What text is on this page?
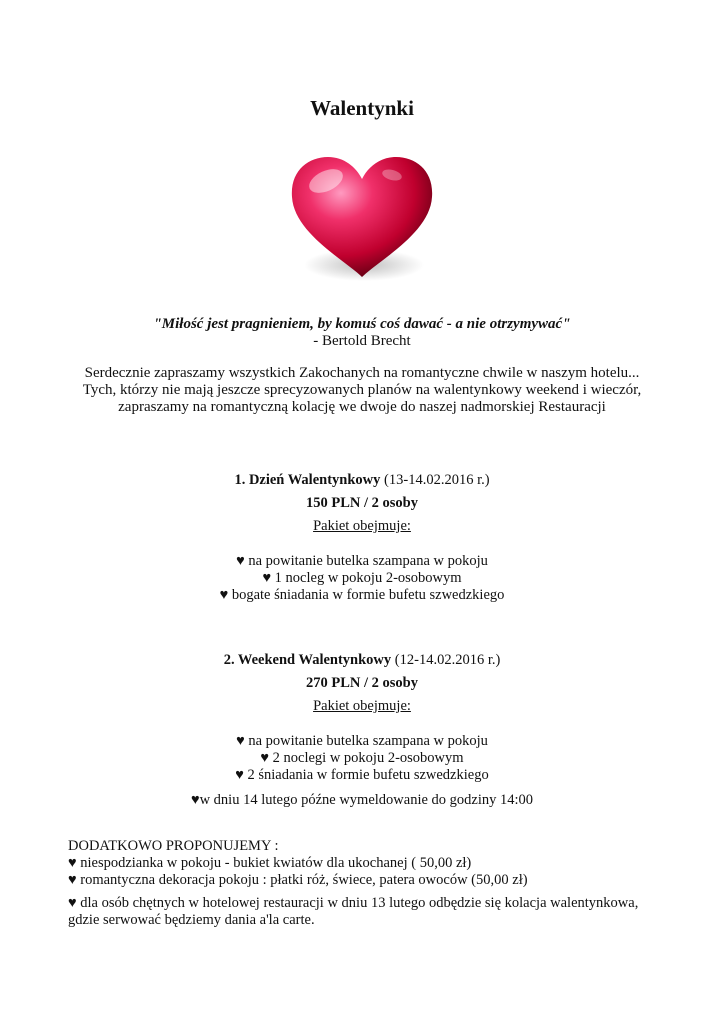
Walentynki
"Miłość jest pragnieniem, by komuś coś dawać - a nie otrzymywać"
- Bertold Brecht
Serdecznie zapraszamy wszystkich Zakochanych na romantyczne chwile w naszym hotelu...
Tych, którzy nie mają jeszcze sprecyzowanych planów na walentynkowy weekend i wieczór,
zapraszamy na romantyczną kolację we dwoje do naszej nadmorskiej Restauracji
1. Dzień Walentynkowy (13-14.02.2016 r.)
150 PLN / 2 osoby
Pakiet obejmuje:
♥ na powitanie butelka szampana w pokoju
♥ 1 nocleg w pokoju 2-osobowym
♥ bogate śniadania w formie bufetu szwedzkiego
2. Weekend Walentynkowy (12-14.02.2016 r.)
270 PLN / 2 osoby
Pakiet obejmuje:
♥ na powitanie butelka szampana w pokoju
♥ 2 noclegi w pokoju 2-osobowym
♥ 2 śniadania w formie bufetu szwedzkiego
♥w dniu 14 lutego późne wymeldowanie do godziny 14:00
DODATKOWO PROPONUJEMY :
♥ niespodzianka w pokoju - bukiet kwiatów dla ukochanej ( 50,00 zł)
♥ romantyczna dekoracja pokoju : płatki róż, świece, patera owoców (50,00 zł)
♥ dla osób chętnych w hotelowej restauracji w dniu 13 lutego odbędzie się kolacja walentynkowa,
gdzie serwować będziemy dania a'la carte.
